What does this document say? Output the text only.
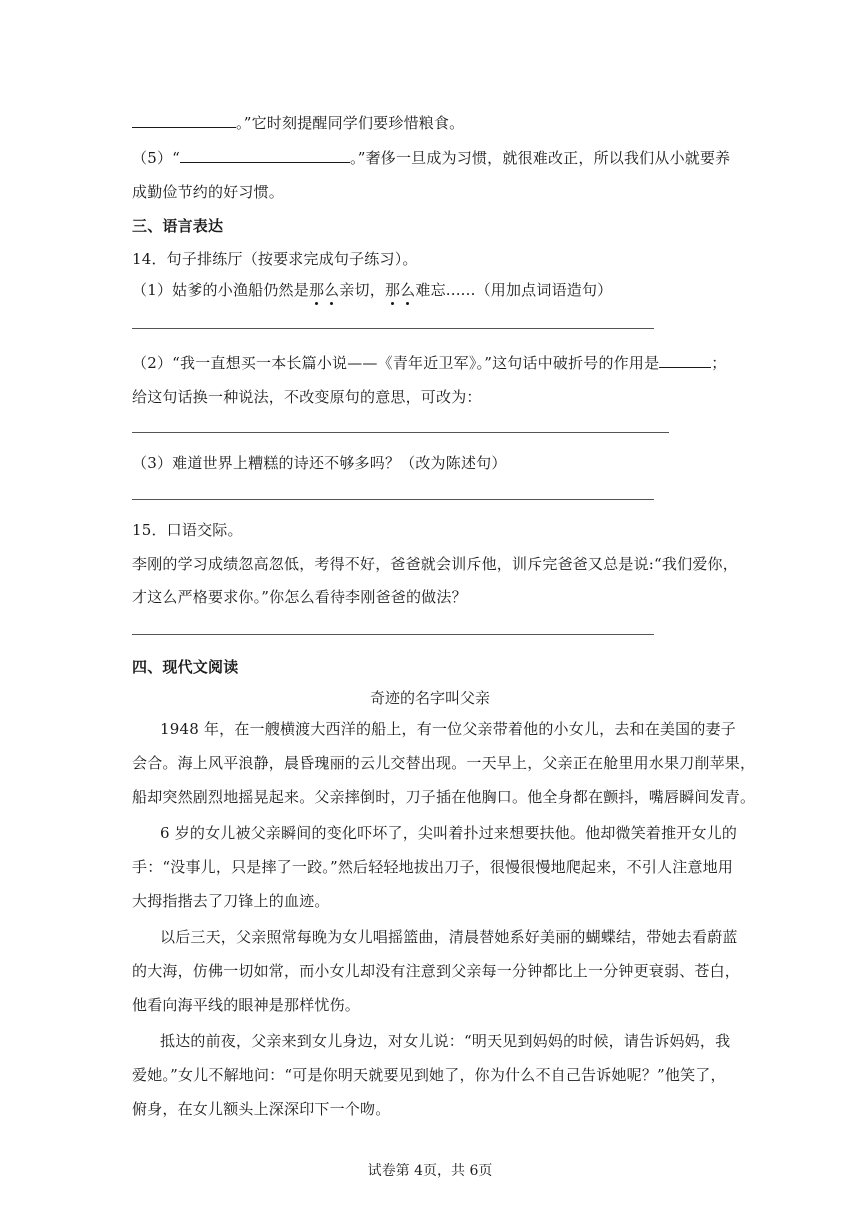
。”它时刻提醒同学们要珍惜粮食。
（5）“	。”奢侈一旦成为习惯，就很难改正，所以我们从小就要养
成勤俭节约的好习惯。
三、语言表达
14．句子排练厅（按要求完成句子练习）。
（1）姑爹的小渔船仍然是那么亲切，那么难忘......（用加点词语造句）
（2）“我一直想买一本长篇小说——《青年近卫军》。”这句话中破折号的作用是	；
给这句话换一种说法，不改变原句的意思，可改为：
（3）难道世界上糟糕的诗还不够多吗？（改为陈述句）
15．口语交际。
李刚的学习成绩忽高忽低，考得不好，爸爸就会训斥他，训斥完爸爸又总是说:“我们爱你，
才这么严格要求你。”你怎么看待李刚爸爸的做法？
四、现代文阅读
奇迹的名字叫父亲
1948 年，在一艘横渡大西洋的船上，有一位父亲带着他的小女儿，去和在美国的妻子
会合。海上风平浪静，晨昏瑰丽的云儿交替出现。一天早上，父亲正在舱里用水果刀削苹果，
船却突然剧烈地摇晃起来。父亲摔倒时，刀子插在他胸口。他全身都在颤抖，嘴唇瞬间发青。
6 岁的女儿被父亲瞬间的变化吓坏了，尖叫着扑过来想要扶他。他却微笑着推开女儿的
手：“没事儿，只是摔了一跤。”然后轻轻地拔出刀子，很慢很慢地爬起来，不引人注意地用
大拇指揩去了刀锋上的血迹。
以后三天，父亲照常每晚为女儿唱摇篮曲，清晨替她系好美丽的蝴蝶结，带她去看蔚蓝
的大海，仿佛一切如常，而小女儿却没有注意到父亲每一分钟都比上一分钟更衰弱、苍白，
他看向海平线的眼神是那样忧伤。
抵达的前夜，父亲来到女儿身边，对女儿说：“明天见到妈妈的时候，请告诉妈妈，我
爱她。”女儿不解地问：“可是你明天就要见到她了，你为什么不自己告诉她呢？”他笑了，
俯身，在女儿额头上深深印下一个吻。
试卷第 4页，共 6页
